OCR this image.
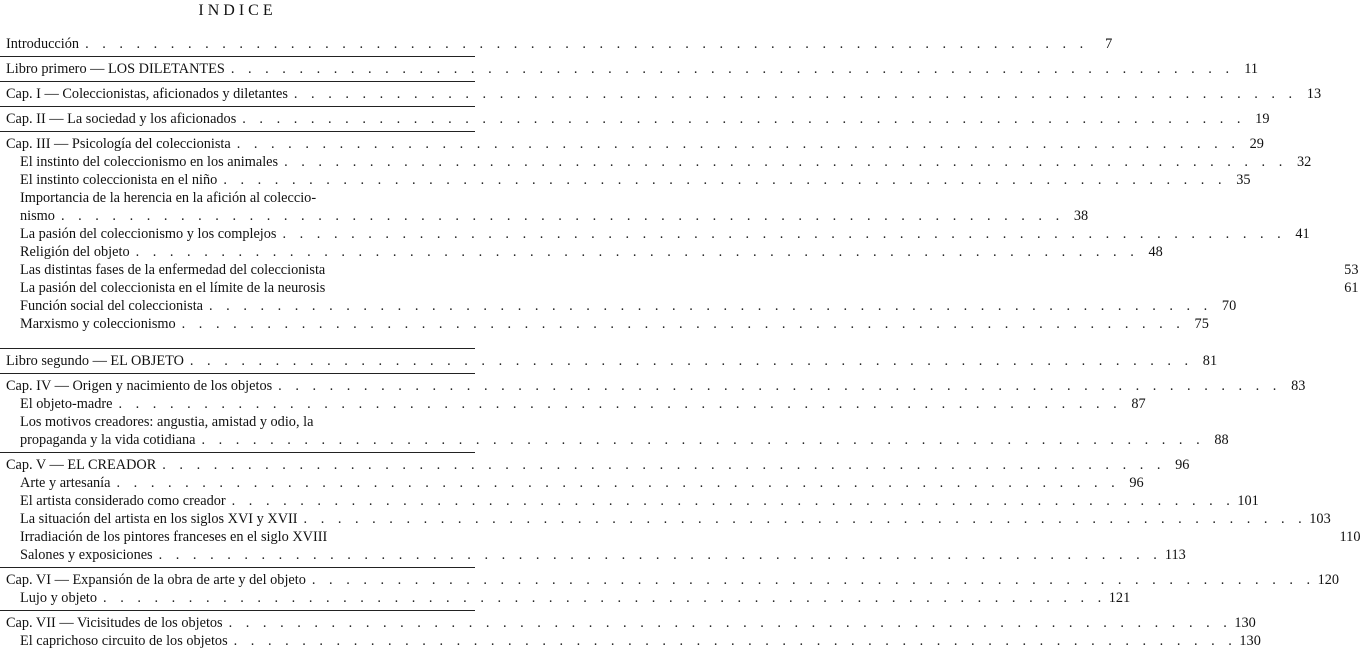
INDICE
Introducción . . . . . . . . . . . . . . . . . . . . . . . . . . . . . . . . . . . . . . . . . . . . . . . . . . . . . . . . . . .	7
Libro primero — LOS DILETANTES . . . . . . . . . . . . . . . . . . . . . . . . . . . . . . . . . . . . . . . . . . . . . . . . . . . . . . . . . . . 11
Cap. I — Coleccionistas, aficionados y diletantes . . . . . . . . . . . . . . . . . . . . . . . . . . . . . . . . . . . . . . . . . . . . . . . . . . . . . . . . . . . 13
Cap. II — La sociedad y los aficionados . . . . . . . . . . . . . . . . . . . . . . . . . . . . . . . . . . . . . . . . . . . . . . . . . . . . . . . . . . . 19
Cap. III — Psicología del coleccionista . . . . . . . . . . . . . . . . . . . . . . . . . . . . . . . . . . . . . . . . . . . . . . . . . . . . . . . . . . . 29
El instinto del coleccionismo en los animales . . . . . . . . . . . . . . . . . . . . . . . . . . . . . . . . . . . . . . . . . . . . . . . . . . . . . . . . . . . 32
El instinto coleccionista en el niño . . . . . . . . . . . . . . . . . . . . . . . . . . . . . . . . . . . . . . . . . . . . . . . . . . . . . . . . . . . 35
Importancia de la herencia en la afición al coleccio-
nismo . . . . . . . . . . . . . . . . . . . . . . . . . . . . . . . . . . . . . . . . . . . . . . . . . . . . . . . . . . . 38
La pasión del coleccionismo y los complejos . . . . . . . . . . . . . . . . . . . . . . . . . . . . . . . . . . . . . . . . . . . . . . . . . . . . . . . . . . . 41
Religión del objeto . . . . . . . . . . . . . . . . . . . . . . . . . . . . . . . . . . . . . . . . . . . . . . . . . . . . . . . . . . . 48
Las distintas fases de la enfermedad del coleccionista	53
La pasión del coleccionista en el límite de la neurosis	61
Función social del coleccionista . . . . . . . . . . . . . . . . . . . . . . . . . . . . . . . . . . . . . . . . . . . . . . . . . . . . . . . . . . . 70
Marxismo y coleccionismo . . . . . . . . . . . . . . . . . . . . . . . . . . . . . . . . . . . . . . . . . . . . . . . . . . . . . . . . . . . 75
Libro segundo — EL OBJETO . . . . . . . . . . . . . . . . . . . . . . . . . . . . . . . . . . . . . . . . . . . . . . . . . . . . . . . . . . . 81
Cap. IV — Origen y nacimiento de los objetos . . . . . . . . . . . . . . . . . . . . . . . . . . . . . . . . . . . . . . . . . . . . . . . . . . . . . . . . . . . 83
El objeto-madre . . . . . . . . . . . . . . . . . . . . . . . . . . . . . . . . . . . . . . . . . . . . . . . . . . . . . . . . . . . 87
Los motivos creadores: angustia, amistad y odio, la
propaganda y la vida cotidiana . . . . . . . . . . . . . . . . . . . . . . . . . . . . . . . . . . . . . . . . . . . . . . . . . . . . . . . . . . . 88
Cap. V — EL CREADOR . . . . . . . . . . . . . . . . . . . . . . . . . . . . . . . . . . . . . . . . . . . . . . . . . . . . . . . . . . . 96
Arte y artesanía . . . . . . . . . . . . . . . . . . . . . . . . . . . . . . . . . . . . . . . . . . . . . . . . . . . . . . . . . . . 96
El artista considerado como creador . . . . . . . . . . . . . . . . . . . . . . . . . . . . . . . . . . . . . . . . . . . . . . . . . . . . . . . . . . . 101
La situación del artista en los siglos XVI y XVII . . . . . . . . . . . . . . . . . . . . . . . . . . . . . . . . . . . . . . . . . . . . . . . . . . . . . . . . . . . 103
Irradiación de los pintores franceses en el siglo XVIII	110
Salones y exposiciones . . . . . . . . . . . . . . . . . . . . . . . . . . . . . . . . . . . . . . . . . . . . . . . . . . . . . . . . . . . 113
Cap. VI — Expansión de la obra de arte y del objeto . . . . . . . . . . . . . . . . . . . . . . . . . . . . . . . . . . . . . . . . . . . . . . . . . . . . . . . . . . . 120
Lujo y objeto . . . . . . . . . . . . . . . . . . . . . . . . . . . . . . . . . . . . . . . . . . . . . . . . . . . . . . . . . . . 121
Cap. VII — Vicisitudes de los objetos . . . . . . . . . . . . . . . . . . . . . . . . . . . . . . . . . . . . . . . . . . . . . . . . . . . . . . . . . . . 130
El caprichoso circuito de los objetos . . . . . . . . . . . . . . . . . . . . . . . . . . . . . . . . . . . . . . . . . . . . . . . . . . . . . . . . . . . 130
